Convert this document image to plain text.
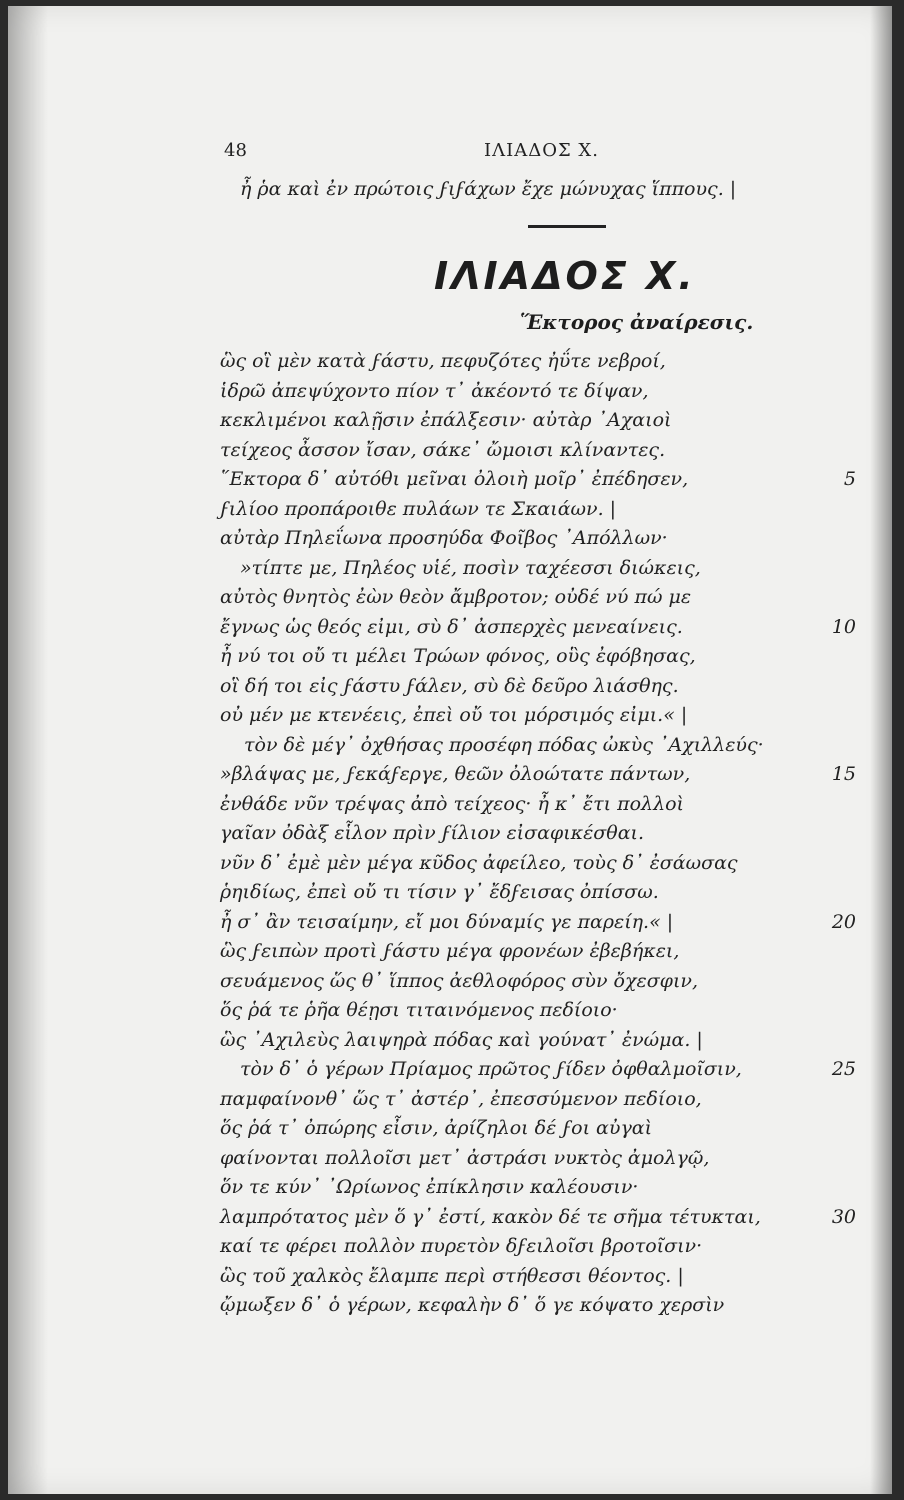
48	ΙΛΙΑΔΟΣ Χ.
ἦ ῥα καὶ ἐν πρώτοις ϝιϝάχων ἔχε μώνυχας ἵππους. |
ΙΛΙΑΔΟΣ Χ.
Ἕκτορος ἀναίρεσις.
ὣς οἳ μὲν κατὰ ϝάστυ, πεφυζότες ἠΰτε νεβροί,
ἱδρῶ ἀπεψύχοντο πίον τ᾽ ἀκέοντό τε δίψαν,
κεκλιμένοι καλῇσιν ἐπάλξεσιν· αὐτὰρ ᾿Αχαιοὶ
τείχεος ἆσσον ἴσαν, σάκε᾽ ὤμοισι κλίναντες.
῞Εκτορα δ᾽ αὐτόθι μεῖναι ὀλοιὴ μοῖρ᾽ ἐπέδησεν,	5
ϝιλίοο προπάροιθε πυλάων τε Σκαιάων. |
αὐτὰρ Πηλεΐωνα προσηύδα Φοῖβος ᾿Απόλλων·
»τίπτε με, Πηλέος υἱέ, ποσὶν ταχέεσσι διώκεις,
αὐτὸς θνητὸς ἐὼν θεὸν ἄμβροτον; οὐδέ νύ πώ με
ἔγνως ὡς θεός εἰμι, σὺ δ᾽ ἀσπερχὲς μενεαίνεις.	10
ἦ νύ τοι οὔ τι μέλει Τρώων φόνος, οὓς ἐφόβησας,
οἳ δή τοι εἰς ϝάστυ ϝάλεν, σὺ δὲ δεῦρο λιάσθης.
οὐ μέν με κτενέεις, ἐπεὶ οὔ τοι μόρσιμός εἰμι.« |
τὸν δὲ μέγ᾽ ὀχθήσας προσέφη πόδας ὠκὺς ᾿Αχιλλεύς·
»βλάψας με, ϝεκάϝεργε, θεῶν ὀλοώτατε πάντων,	15
ἐνθάδε νῦν τρέψας ἀπὸ τείχεος· ἦ κ᾽ ἔτι πολλοὶ
γαῖαν ὀδὰξ εἷλον πρὶν ϝίλιον εἰσαφικέσθαι.
νῦν δ᾽ ἐμὲ μὲν μέγα κῦδος ἀφείλεο, τοὺς δ᾽ ἐσάωσας
ῥηιδίως, ἐπεὶ οὔ τι τίσιν γ᾽ ἔδϝεισας ὀπίσσω.
ἦ σ᾽ ἂν τεισαίμην, εἴ μοι δύναμίς γε παρείη.« |	20
ὣς ϝειπὼν προτὶ ϝάστυ μέγα φρονέων ἐβεβήκει,
σευάμενος ὥς θ᾽ ἵππος ἀεθλοφόρος σὺν ὄχεσφιν,
ὅς ῥά τε ῥῆα θέῃσι τιταινόμενος πεδίοιο·
ὣς ᾿Αχιλεὺς λαιψηρὰ πόδας καὶ γούνατ᾽ ἐνώμα. |
τὸν δ᾽ ὁ γέρων Πρίαμος πρῶτος ϝίδεν ὀφθαλμοῖσιν,	25
παμφαίνονθ᾽ ὥς τ᾽ ἀστέρ᾽, ἐπεσσύμενον πεδίοιο,
ὅς ῥά τ᾽ ὀπώρης εἶσιν, ἀρίζηλοι δέ ϝοι αὐγαὶ
φαίνονται πολλοῖσι μετ᾽ ἀστράσι νυκτὸς ἀμολγῷ,
ὅν τε κύν᾽ ᾿Ωρίωνος ἐπίκλησιν καλέουσιν·
λαμπρότατος μὲν ὅ γ᾽ ἐστί, κακὸν δέ τε σῆμα τέτυκται,	30
καί τε φέρει πολλὸν πυρετὸν δϝειλοῖσι βροτοῖσιν·
ὣς τοῦ χαλκὸς ἔλαμπε περὶ στήθεσσι θέοντος. |
ᾤμωξεν δ᾽ ὁ γέρων, κεφαλὴν δ᾽ ὅ γε κόψατο χερσὶν
